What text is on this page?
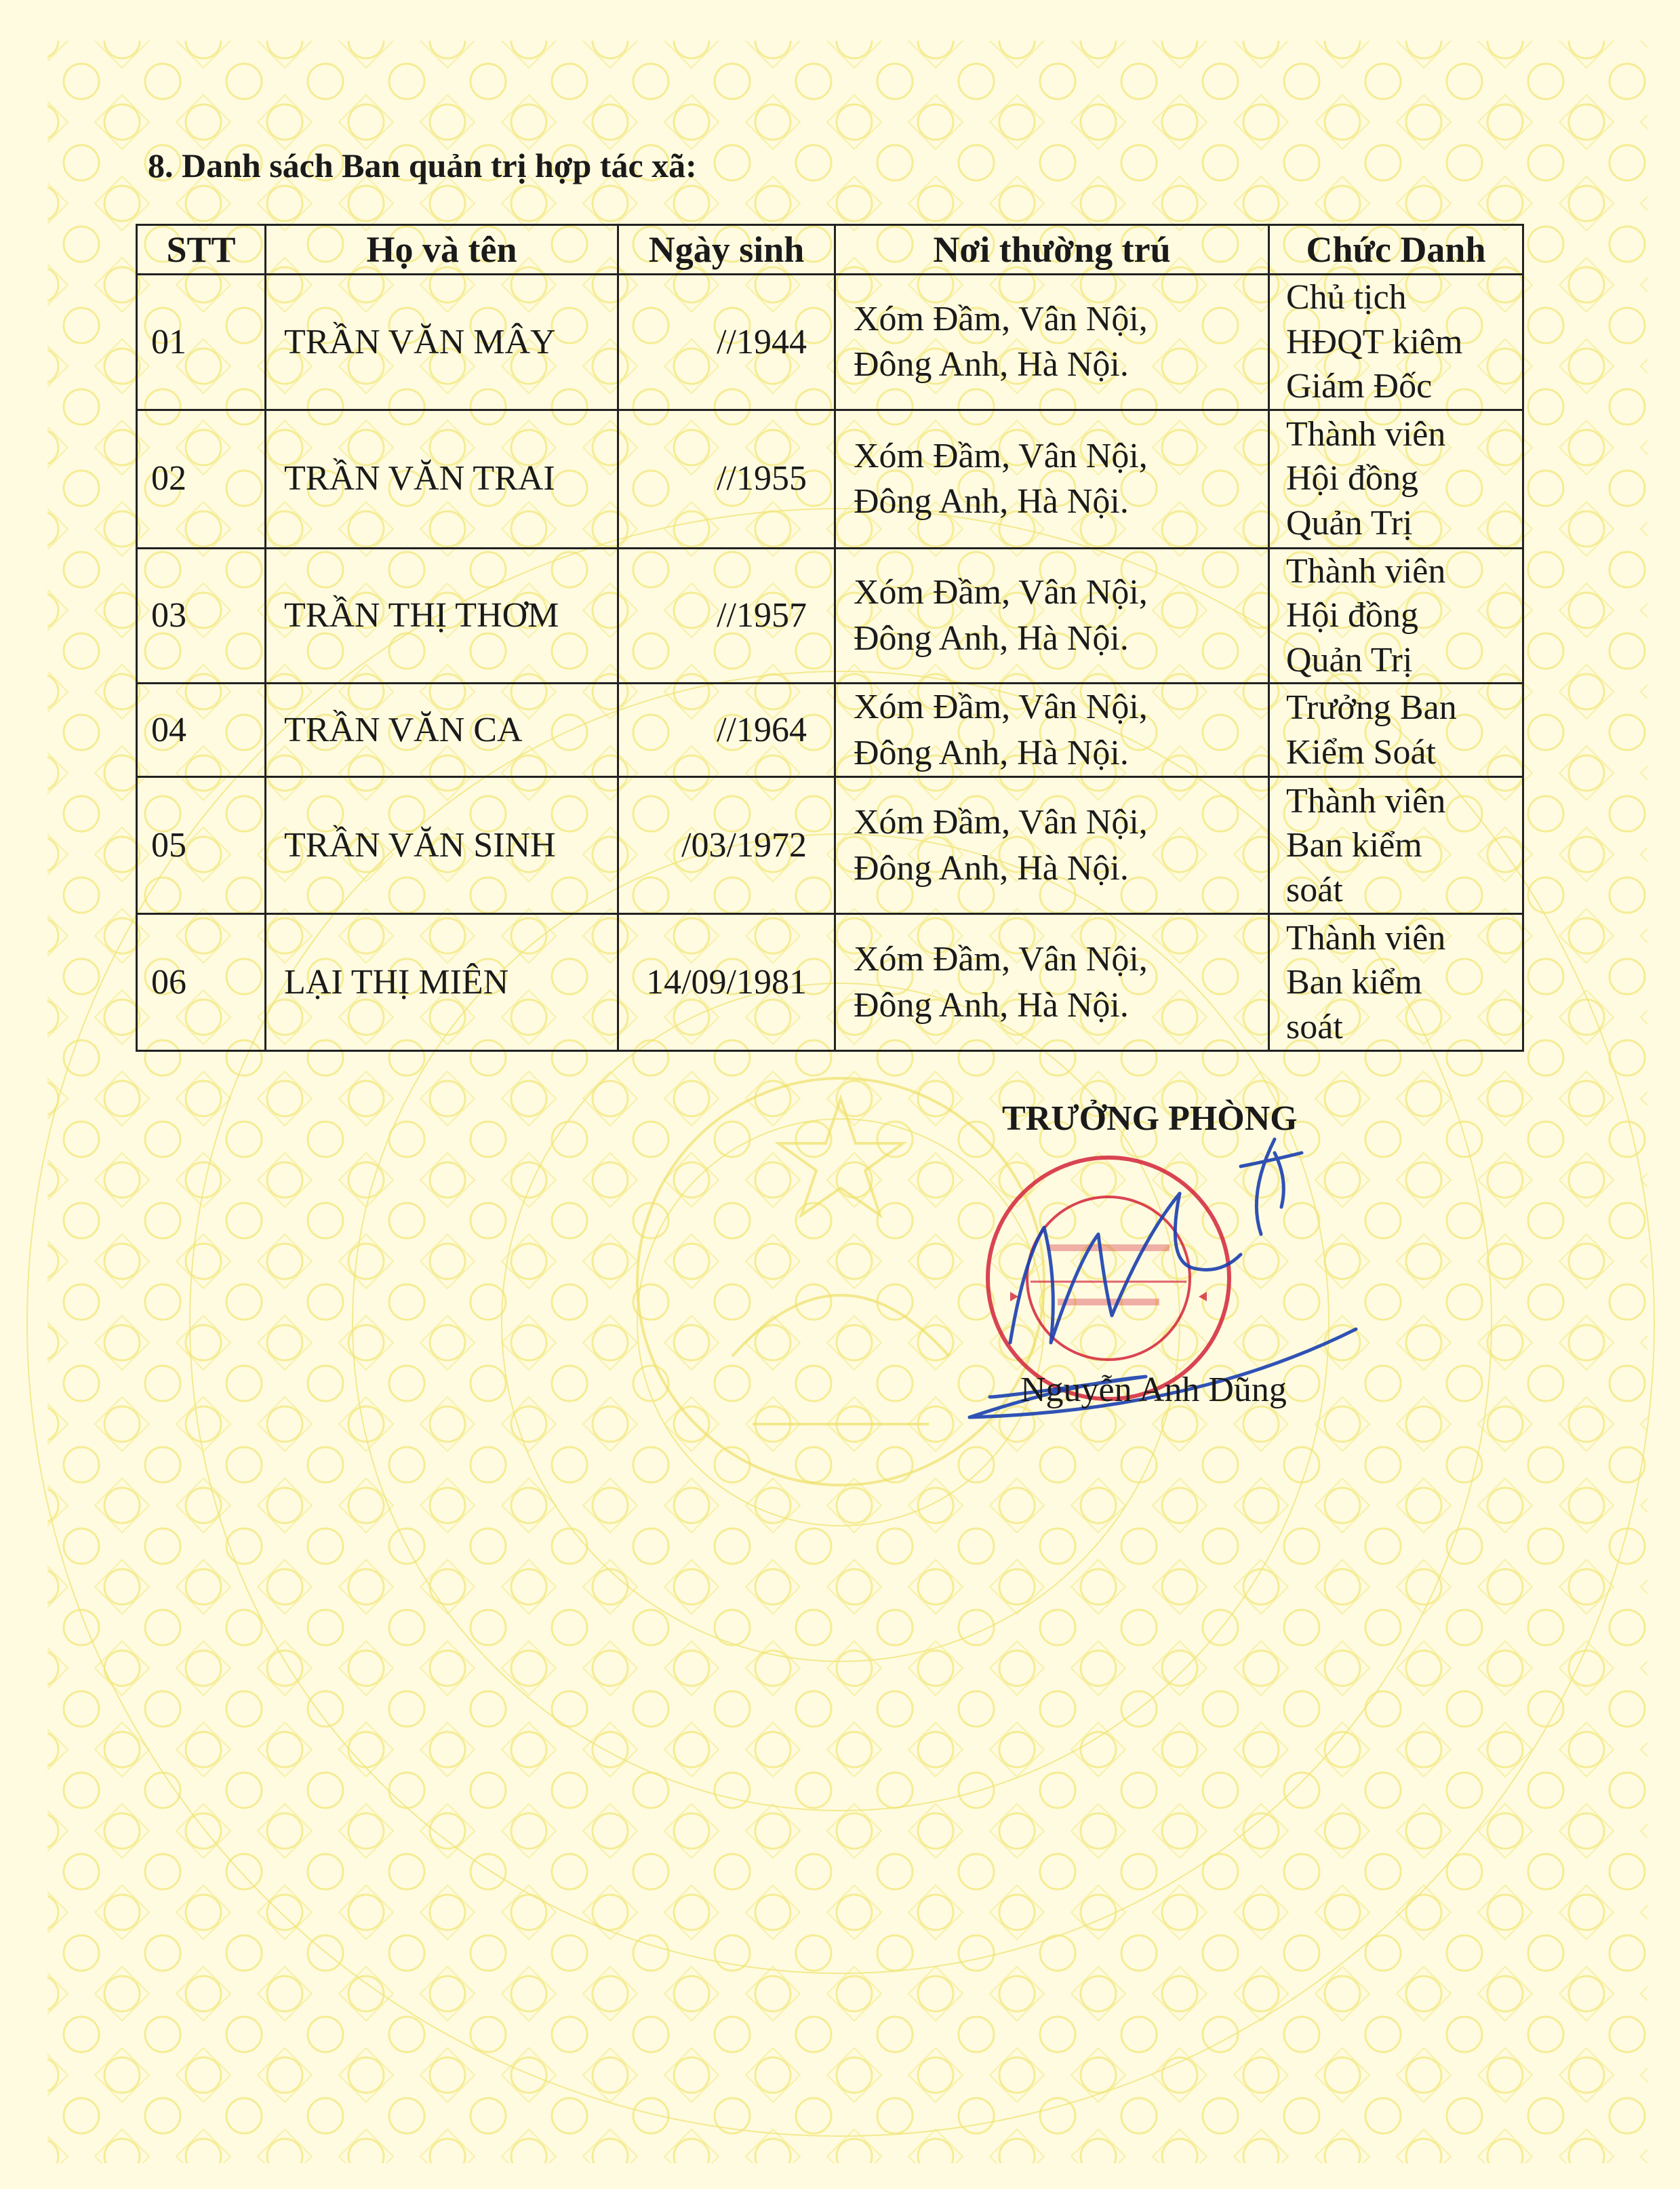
8. Danh sách Ban quản trị hợp tác xã:
STT	Họ và tên	Ngày sinh	Nơi thường trú	Chức Danh
01	TRẦN VĂN MÂY	//1944	Xóm Đầm, Vân Nội,
Đông Anh, Hà Nội.	Chủ tịch
HĐQT kiêm
Giám Đốc

02	TRẦN VĂN TRAI	//1955	Xóm Đầm, Vân Nội,
Đông Anh, Hà Nội.	Thành viên
Hội đồng
Quản Trị

03	TRẦN THỊ THƠM	//1957	Xóm Đầm, Vân Nội,
Đông Anh, Hà Nội.	Thành viên
Hội đồng
Quản Trị

04	TRẦN VĂN CA	//1964	Xóm Đầm, Vân Nội,
Đông Anh, Hà Nội.	Trưởng Ban
Kiểm Soát

05	TRẦN VĂN SINH	/03/1972	Xóm Đầm, Vân Nội,
Đông Anh, Hà Nội.	Thành viên
Ban kiểm
soát

06	LẠI THỊ MIÊN	14/09/1981	Xóm Đầm, Vân Nội,
Đông Anh, Hà Nội.	Thành viên
Ban kiểm
soát

TRƯỞNG PHÒNG

Nguyễn Anh Dũng
